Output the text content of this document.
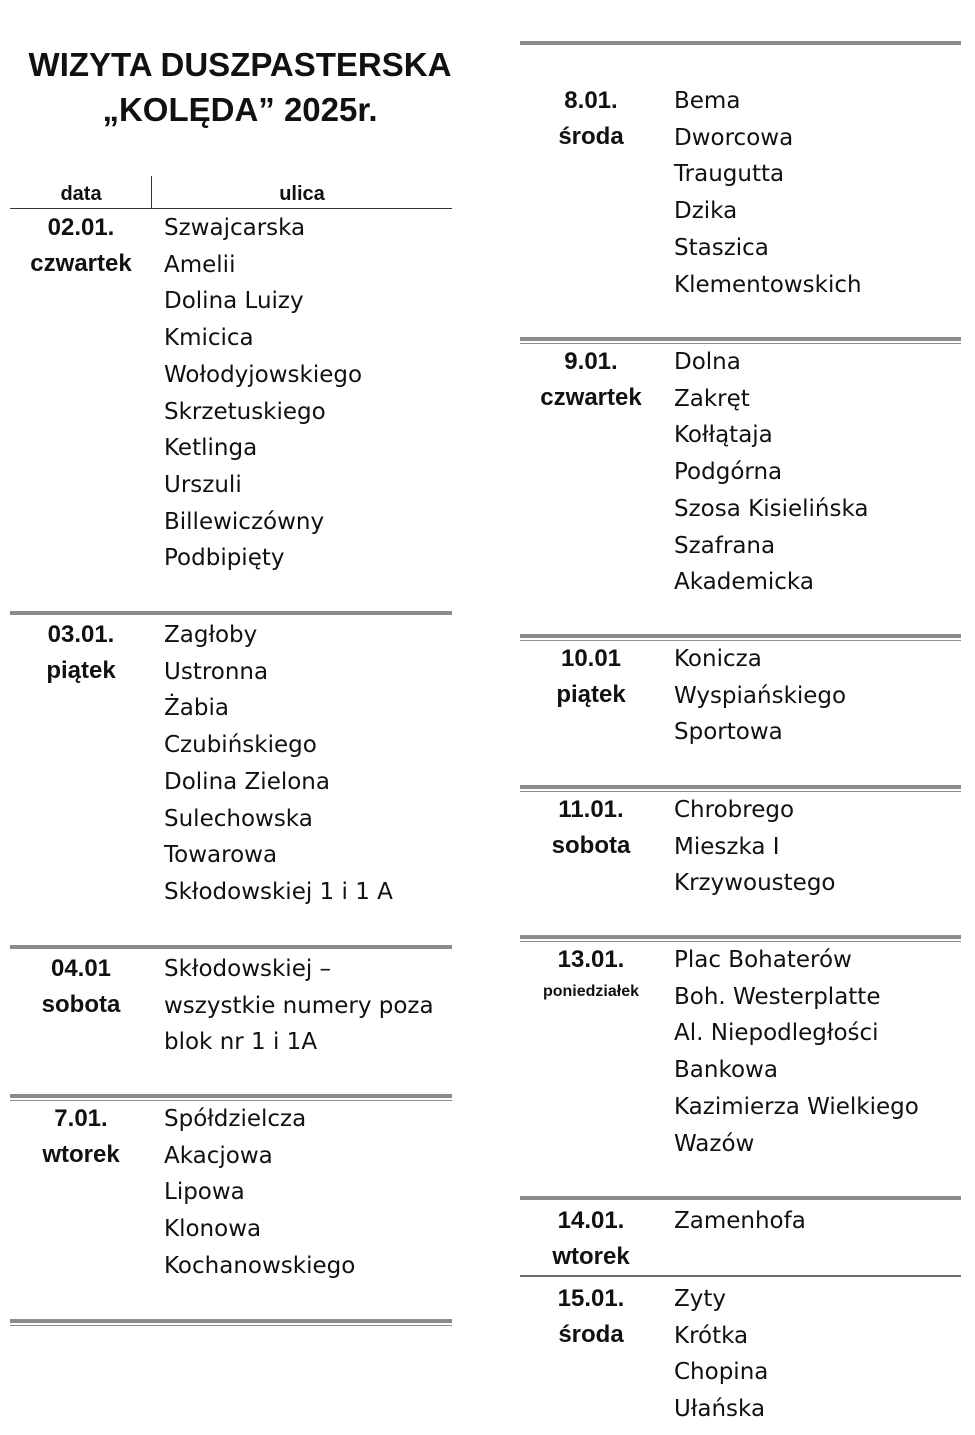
WIZYTA DUSZPASTERSKA
„KOLĘDA” 2025r.
data	ulica
02.01.
czwartek
Szwajcarska
Amelii
Dolina Luizy
Kmicica
Wołodyjowskiego
Skrzetuskiego
Ketlinga
Urszuli
Billewiczówny
Podbipięty
03.01.
piątek
Zagłoby
Ustronna
Żabia
Czubińskiego
Dolina Zielona
Sulechowska
Towarowa
Skłodowskiej 1 i 1 A
04.01
sobota
Skłodowskiej –
wszystkie numery poza
blok nr 1 i 1A
7.01.
wtorek
Spółdzielcza
Akacjowa
Lipowa
Klonowa
Kochanowskiego
8.01.
środa
Bema
Dworcowa
Traugutta
Dzika
Staszica
Klementowskich
9.01.
czwartek
Dolna
Zakręt
Kołłątaja
Podgórna
Szosa Kisielińska
Szafrana
Akademicka
10.01
piątek
Konicza
Wyspiańskiego
Sportowa
11.01.
sobota
Chrobrego
Mieszka I
Krzywoustego
13.01.
poniedziałek
Plac Bohaterów
Boh. Westerplatte
Al. Niepodległości
Bankowa
Kazimierza Wielkiego
Wazów
14.01.
wtorek
Zamenhofa
15.01.
środa
Zyty
Krótka
Chopina
Ułańska
